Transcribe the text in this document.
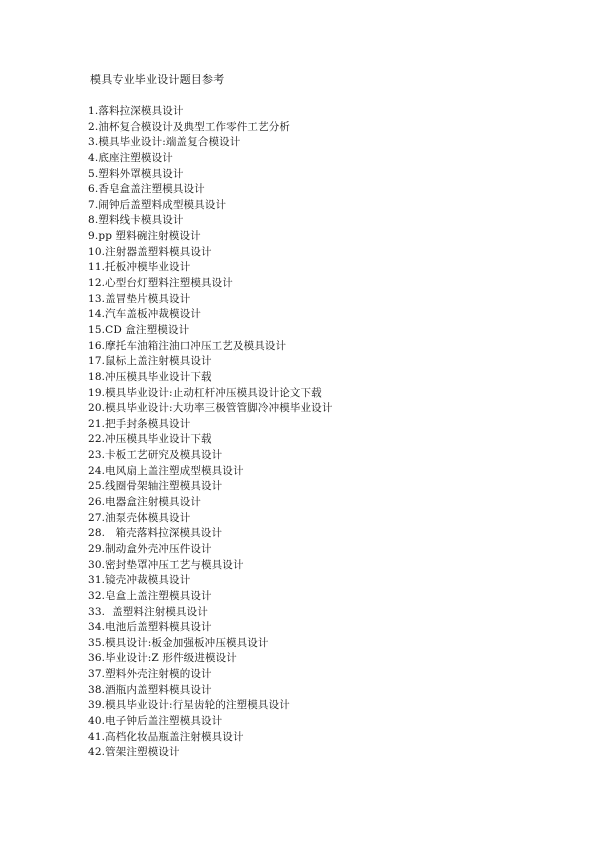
模具专业毕业设计题目参考
1.落料拉深模具设计
2.油杯复合模设计及典型工作零件工艺分析
3.模具毕业设计:端盖复合模设计
4.底座注塑模设计
5.塑料外罩模具设计
6.香皂盒盖注塑模具设计
7.闹钟后盖塑料成型模具设计
8.塑料线卡模具设计
9.pp 塑料碗注射模设计
10.注射器盖塑料模具设计
11.托板冲模毕业设计
12.心型台灯塑料注塑模具设计
13.盖冒垫片模具设计
14.汽车盖板冲裁模设计
15.CD 盒注塑模设计
16.摩托车油箱注油口冲压工艺及模具设计
17.鼠标上盖注射模具设计
18.冲压模具毕业设计下载
19.模具毕业设计:止动杠杆冲压模具设计论文下载
20.模具毕业设计:大功率三极管管脚冷冲模毕业设计
21.把手封条模具设计
22.冲压模具毕业设计下载
23.卡板工艺研究及模具设计
24.电风扇上盖注塑成型模具设计
25.线圈骨架轴注塑模具设计
26.电器盒注射模具设计
27.油泵壳体模具设计
28.   箱壳落料拉深模具设计
29.制动盒外壳冲压件设计
30.密封垫罩冲压工艺与模具设计
31.镜壳冲裁模具设计
32.皂盒上盖注塑模具设计
33.  盖塑料注射模具设计
34.电池后盖塑料模具设计
35.模具设计:板金加强板冲压模具设计
36.毕业设计:Z 形件级进模设计
37.塑料外壳注射模的设计
38.酒瓶内盖塑料模具设计
39.模具毕业设计:行星齿轮的注塑模具设计
40.电子钟后盖注塑模具设计
41.高档化妆品瓶盖注射模具设计
42.管架注塑模设计
